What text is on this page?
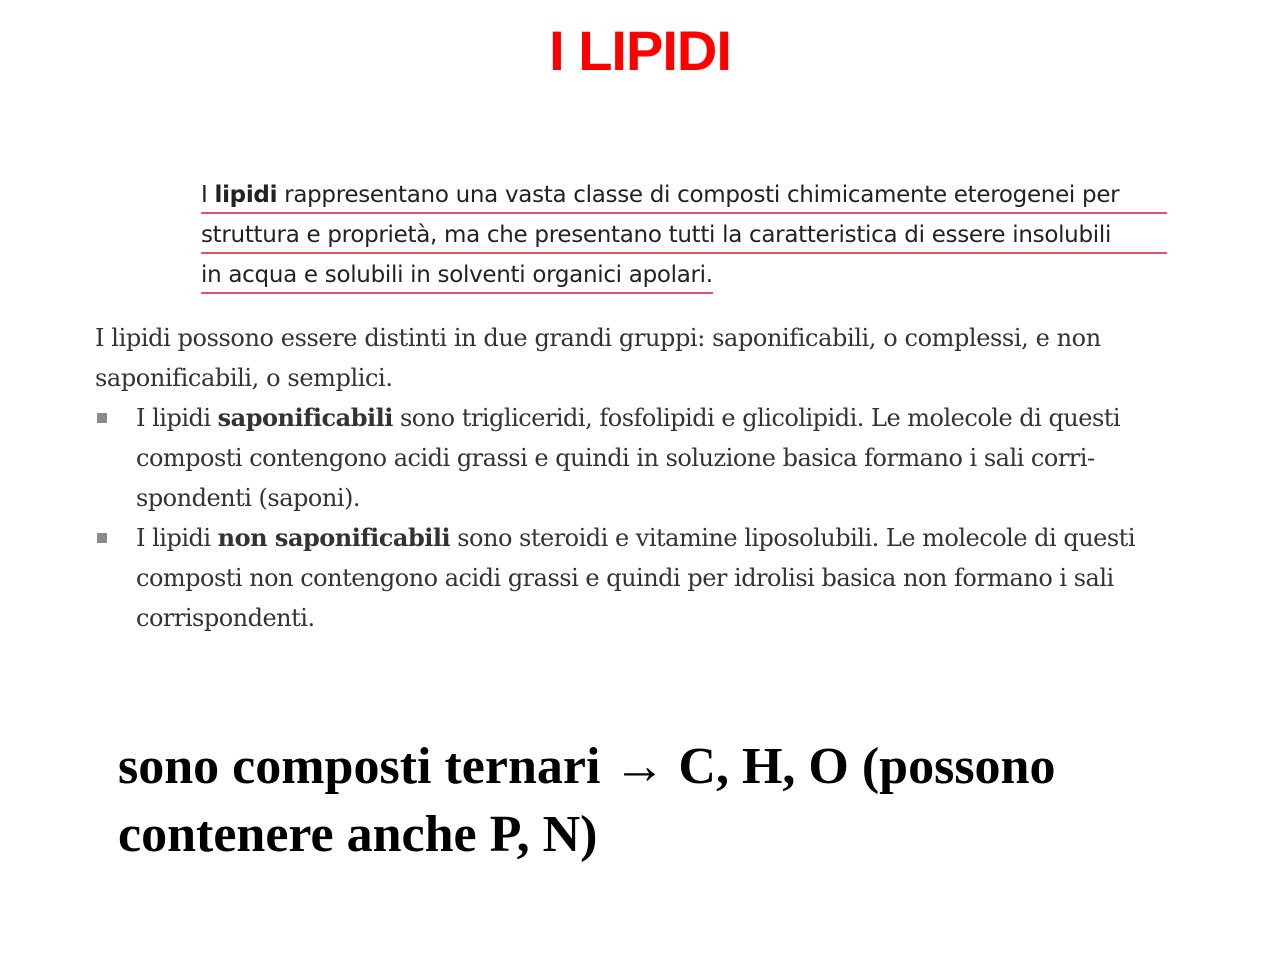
I LIPIDI
I lipidi rappresentano una vasta classe di composti chimicamente eterogenei per
struttura e proprietà, ma che presentano tutti la caratteristica di essere insolubili
in acqua e solubili in solventi organici apolari.
I lipidi possono essere distinti in due grandi gruppi: saponificabili, o complessi, e non saponificabili, o semplici.
I lipidi saponificabili sono trigliceridi, fosfolipidi e glicolipidi. Le molecole di questi composti contengono acidi grassi e quindi in soluzione basica formano i sali corri-spondenti (saponi).
I lipidi non saponificabili sono steroidi e vitamine liposolubili. Le molecole di questi composti non contengono acidi grassi e quindi per idrolisi basica non formano i sali corrispondenti.
sono composti ternari → C, H, O (possono contenere anche P, N)
